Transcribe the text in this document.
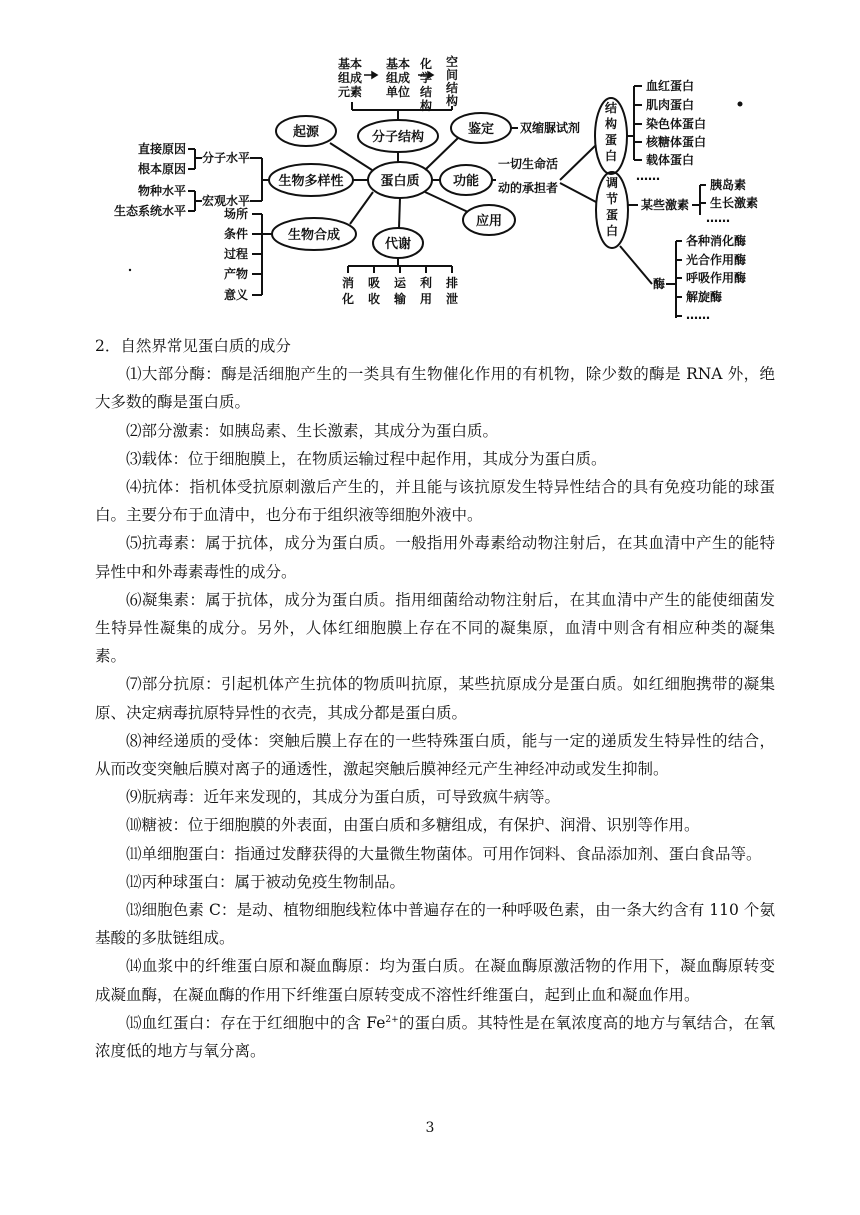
基本
组成
元素
基本
组成
单位
化学结构
空间结构
分子结构
起源	鉴定 双缩脲试剂
蛋白质
生物多样性	功能
一切生命活
动的承担者
应用
生物合成
代谢
分子水平
宏观水平
直接原因
根本原因
物种水平
生态系统水平	场所
条件
过程
产物
意义
消化
吸收
运输
利用
排泄
结构蛋白
调节蛋白
血红蛋白
肌肉蛋白
染色体蛋白
核糖体蛋白
载体蛋白
……
某些激素
胰岛素
生长激素
……
酶
各种消化酶
光合作用酶
呼吸作用酶
解旋酶
……

2．自然界常见蛋白质的成分

⑴大部分酶：酶是活细胞产生的一类具有生物催化作用的有机物，除少数的酶是 RNA 外，绝大多数的酶是蛋白质。

⑵部分激素：如胰岛素、生长激素，其成分为蛋白质。

⑶载体：位于细胞膜上，在物质运输过程中起作用，其成分为蛋白质。

⑷抗体：指机体受抗原刺激后产生的，并且能与该抗原发生特异性结合的具有免疫功能的球蛋白。主要分布于血清中，也分布于组织液等细胞外液中。

⑸抗毒素：属于抗体，成分为蛋白质。一般指用外毒素给动物注射后，在其血清中产生的能特异性中和外毒素毒性的成分。

⑹凝集素：属于抗体，成分为蛋白质。指用细菌给动物注射后，在其血清中产生的能使细菌发生特异性凝集的成分。另外，人体红细胞膜上存在不同的凝集原，血清中则含有相应种类的凝集素。

⑺部分抗原：引起机体产生抗体的物质叫抗原，某些抗原成分是蛋白质。如红细胞携带的凝集原、决定病毒抗原特异性的衣壳，其成分都是蛋白质。

⑻神经递质的受体：突触后膜上存在的一些特殊蛋白质，能与一定的递质发生特异性的结合，从而改变突触后膜对离子的通透性，激起突触后膜神经元产生神经冲动或发生抑制。

⑼朊病毒：近年来发现的，其成分为蛋白质，可导致疯牛病等。

⑽糖被：位于细胞膜的外表面，由蛋白质和多糖组成，有保护、润滑、识别等作用。

⑾单细胞蛋白：指通过发酵获得的大量微生物菌体。可用作饲料、食品添加剂、蛋白食品等。

⑿丙种球蛋白：属于被动免疫生物制品。

⒀细胞色素 C：是动、植物细胞线粒体中普遍存在的一种呼吸色素，由一条大约含有 110 个氨基酸的多肽链组成。

⒁血浆中的纤维蛋白原和凝血酶原：均为蛋白质。在凝血酶原激活物的作用下，凝血酶原转变成凝血酶，在凝血酶的作用下纤维蛋白原转变成不溶性纤维蛋白，起到止血和凝血作用。

⒂血红蛋白：存在于红细胞中的含 $Fe^{2+}$的蛋白质。其特性是在氧浓度高的地方与氧结合，在氧浓度低的地方与氧分离。

3
